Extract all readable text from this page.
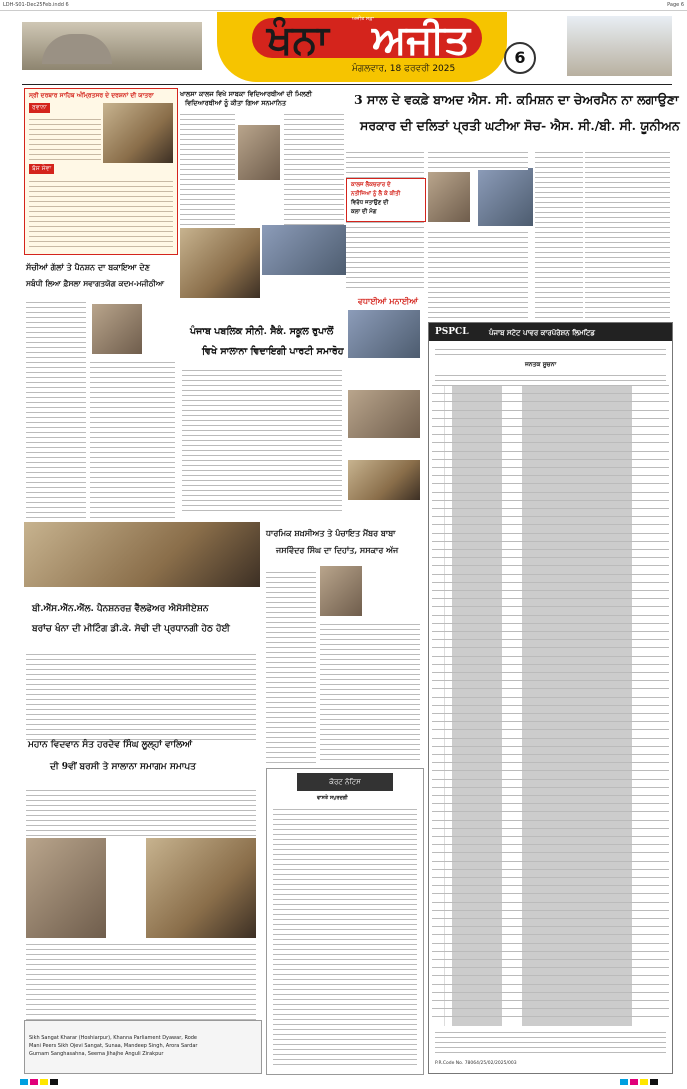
LDH-S01-Dec25Feb.indd 6	Page 6
ਖੰਨਾ ਅਜੀਤ
ਅਜੀਤ ਸਫ਼ਾ
ਮੰਗਲਵਾਰ, 18 ਫਰਵਰੀ 2025
6
ਸ੍ਰੀ ਦਰਬਾਰ ਸਾਹਿਬ ਅੰਮ੍ਰਿਤਸਰ ਦੇ ਦਰਸ਼ਨਾਂ ਦੀ ਯਾਤਰਾ
ਰਵਾਨਾ
ਬੱਸ ਸੇਵਾ
ਖਾਲਸਾ ਕਾਲਜ ਵਿਖੇ ਸਾਬਕਾ ਵਿਦਿਆਰਥੀਆਂ ਦੀ ਮਿਲਣੀ
ਵਿਦਿਆਰਥੀਆਂ ਨੂੰ ਕੀਤਾ ਗਿਆ ਸਨਮਾਨਿਤ	3 ਸਾਲ ਦੇ ਵਕਫ਼ੇ ਬਾਅਦ ਐਸ. ਸੀ. ਕਮਿਸ਼ਨ ਦਾ ਚੇਅਰਮੈਨ ਨਾ ਲਗਾਉਣਾ
ਸਰਕਾਰ ਦੀ ਦਲਿਤਾਂ ਪ੍ਰਤੀ ਘਟੀਆ ਸੋਚ- ਐਸ. ਸੀ./ਬੀ. ਸੀ. ਯੂਨੀਅਨ
ਕਾਲਜ ਲੈਕਚਰਾਰ ਦੇ
ਨਤੀਜਿਆਂ ਨੂੰ ਲੈ ਕੇ ਕੀਤੀ
ਵਿਰੋਧ ਜਤਾਉਣ ਦੀ
ਕਲਾ ਦੀ ਮੰਗ
ਸੱਚੀਆਂ ਗੱਲਾਂ ਤੇ ਪੈਨਸ਼ਨ ਦਾ ਬਕਾਇਆ ਦੇਣ
ਸਬੰਧੀ ਲਿਆ ਫ਼ੈਸਲਾ ਸਵਾਗਤਯੋਗ ਕਦਮ-ਮਜੀਠੀਆ
ਪੰਜਾਬ ਪਬਲਿਕ ਸੀਨੀ. ਸੈਕੰ. ਸਕੂਲ ਰੁਪਾਲੋਂ
ਵਿਖੇ ਸਾਲਾਨਾ ਵਿਦਾਇਗੀ ਪਾਰਟੀ ਸਮਾਰੋਹ
ਵਧਾਈਆਂ ਮਨਾਈਆਂ
ਧਾਰਮਿਕ ਸ਼ਖ਼ਸੀਅਤ ਤੇ ਪੰਚਾਇਤ ਮੈਂਬਰ ਬਾਬਾ
ਜਸਵਿੰਦਰ ਸਿੰਘ ਦਾ ਦਿਹਾਂਤ, ਸਸਕਾਰ ਅੱਜ
ਬੀ.ਐੱਸ.ਐੱਨ.ਐੱਲ. ਪੈਨਸ਼ਨਰਜ਼ ਵੈੱਲਫੇਅਰ ਐਸੋਸੀਏਸ਼ਨ
ਬਰਾਂਚ ਖੰਨਾ ਦੀ ਮੀਟਿੰਗ ਡੀ.ਕੇ. ਸੋਢੀ ਦੀ ਪ੍ਰਧਾਨਗੀ ਹੇਠ ਹੋਈ
ਮਹਾਨ ਵਿਦਵਾਨ ਸੰਤ ਹਰਦੇਵ ਸਿੰਘ ਲੂਲ੍ਹਾਂ ਵਾਲਿਆਂ
ਦੀ 9ਵੀਂ ਬਰਸੀ ਤੇ ਸਾਲਾਨਾ ਸਮਾਗਮ ਸਮਾਪਤ
ਕੋਰਟ ਨੋਟਿਸ
ਵਾਸਤੇ ਸਪੁਰਦਗੀ
Sikh Sangat Kharar (Hoshiarpur), Khanna Parliament Dyawar, Rode
Mani Peers Sikh Ojevi Sangat, Sunaa, Mandeep Singh, Arora Sardar
Gurnam Sanghasahna, Seema Jihajhe Anguli Zirakpur
PSPCL	ਪੰਜਾਬ ਸਟੇਟ ਪਾਵਰ ਕਾਰਪੋਰੇਸ਼ਨ ਲਿਮਟਿਡ
ਜਨਤਕ ਸੂਚਨਾ
P.R.Code No. 78064/25/02/2025/003
